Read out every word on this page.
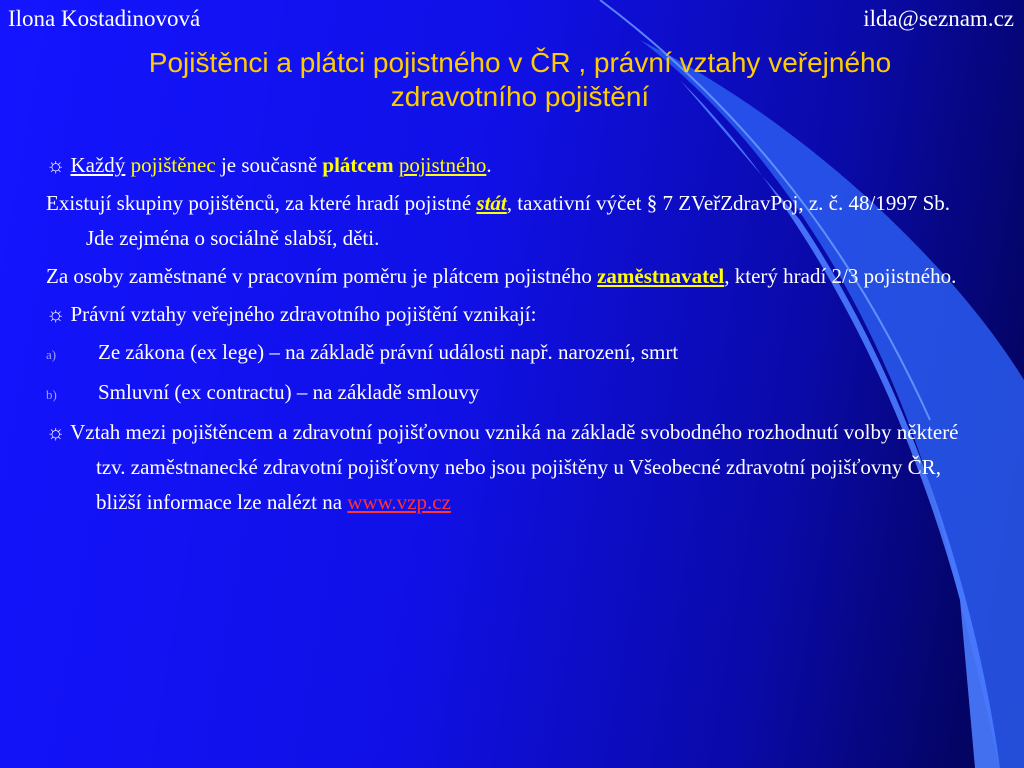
Ilona Kostadinovová	ilda@seznam.cz
Pojištěnci a plátci pojistného v ČR , právní vztahy veřejného
zdravotního pojištění

☼ Každý pojištěnec je současně plátcem pojistného.

Existují skupiny pojištěnců, za které hradí pojistné stát, taxativní výčet § 7 ZVeřZdravPoj, z. č. 48/1997 Sb. Jde zejména o sociálně slabší, děti.

Za osoby zaměstnané v pracovním poměru je plátcem pojistného zaměstnavatel, který hradí 2/3 pojistného.

☼ Právní vztahy veřejného zdravotního pojištění vznikají:

a)	Ze zákona (ex lege) – na základě právní události např. narození, smrt
b)	Smluvní (ex contractu) – na základě smlouvy

☼ Vztah mezi pojištěncem a zdravotní pojišťovnou vzniká na základě svobodného rozhodnutí volby některé tzv. zaměstnanecké zdravotní pojišťovny nebo jsou pojištěny u Všeobecné zdravotní pojišťovny ČR, bližší informace lze nalézt na www.vzp.cz
